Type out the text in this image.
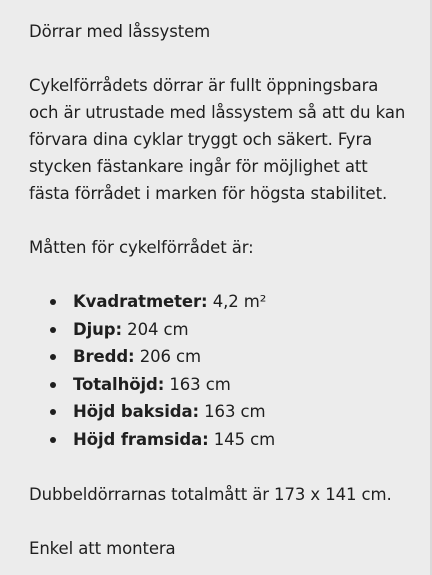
Dörrar med låssystem

Cykelförrådets dörrar är fullt öppningsbara och är utrustade med låssystem så att du kan förvara dina cyklar tryggt och säkert. Fyra stycken fästankare ingår för möjlighet att fästa förrådet i marken för högsta stabilitet.

Måtten för cykelförrådet är:

Kvadratmeter: 4,2 m²
Djup: 204 cm
Bredd: 206 cm
Totalhöjd: 163 cm
Höjd baksida: 163 cm
Höjd framsida: 145 cm

Dubbeldörrarnas totalmått är 173 x 141 cm.

Enkel att montera
